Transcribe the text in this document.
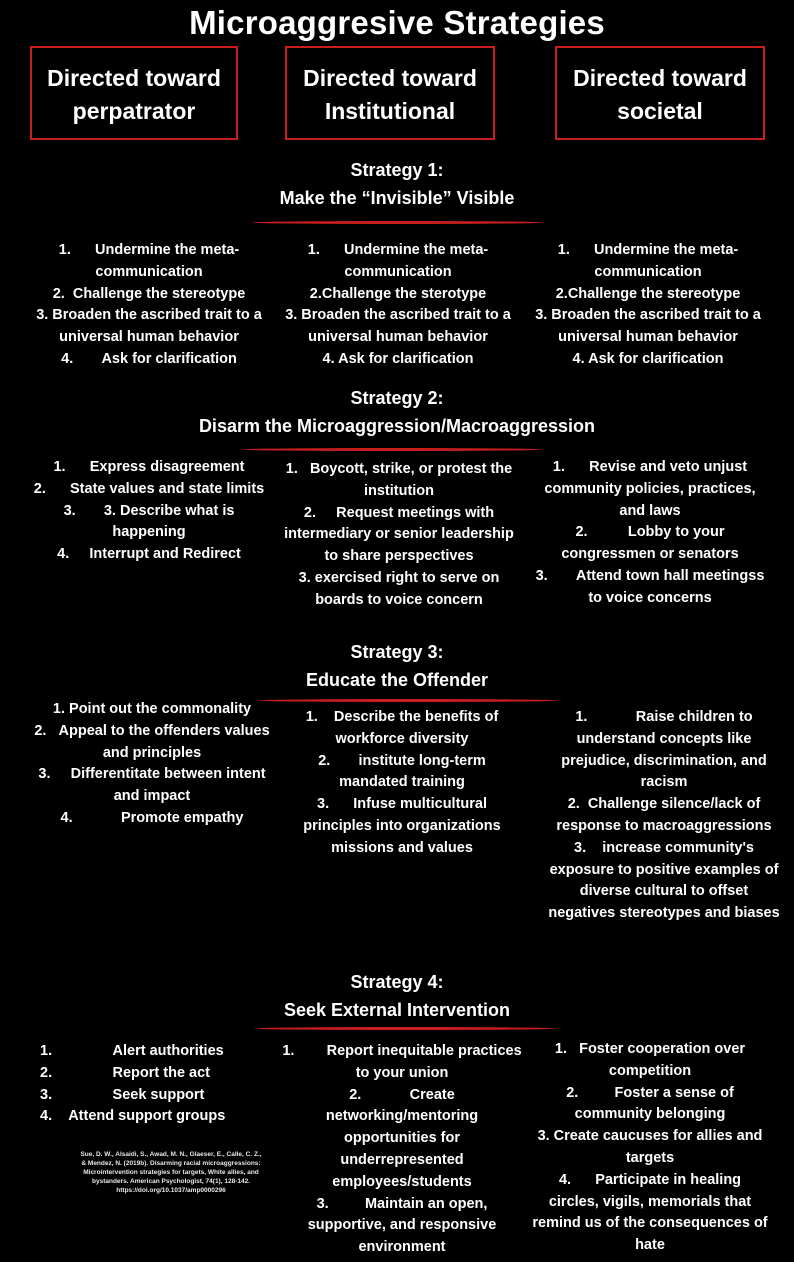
Microaggresive Strategies
Directed toward
perpatrator
Directed toward
Institutional
Directed toward
societal
Strategy 1:
Make the “Invisible” Visible
1.      Undermine the meta-communication
2.  Challenge the stereotype
3. Broaden the ascribed trait to a universal human behavior
4.       Ask for clarification
1.      Undermine the meta-communication
2.Challenge the sterotype
3. Broaden the ascribed trait to a universal human behavior
4. Ask for clarification
1.      Undermine the meta-communication
2.Challenge the stereotype
3. Broaden the ascribed trait to a universal human behavior
4. Ask for clarification
Strategy 2:
Disarm the Microaggression/Macroaggression
1.      Express disagreement
2.      State values and state limits
3.       3. Describe what is happening
4.     Interrupt and Redirect
1.   Boycott, strike, or protest the institution
2.     Request meetings with intermediary or senior leadership to share perspectives
3. exercised right to serve on boards to voice concern
1.      Revise and veto unjust community policies, practices, and laws
2.          Lobby to your congressmen or senators
3.       Attend town hall meetingss to voice concerns
Strategy 3:
Educate the Offender
1. Point out the commonality
2.   Appeal to the offenders values and principles
3.     Differentitate between intent and impact
4.            Promote empathy
1.    Describe the benefits of workforce diversity
2.       institute long-term mandated training
3.      Infuse multicultural principles into organizations missions and values
1.            Raise children to understand concepts like prejudice, discrimination, and racism
2.  Challenge silence/lack of response to macroaggressions
3.    increase community's exposure to positive examples of diverse cultural to offset negatives stereotypes and biases
Strategy 4:
Seek External Intervention
1.               Alert authorities
2.               Report the act
3.               Seek support
4.    Attend support groups
1.        Report inequitable practices to your union
2.            Create networking/mentoring opportunities for underrepresented employees/students
3.         Maintain an open, supportive, and responsive environment
1.   Foster cooperation over competition
2.         Foster a sense of community belonging
3. Create caucuses for allies and targets
4.      Participate in healing circles, vigils, memorials that remind us of the consequences of hate
Sue, D. W., Alsaidi, S., Awad, M. N., Glaeser, E., Calle, C. Z., & Mendez, N. (2019b). Disarming racial microaggressions: Microintervention strategies for targets, White allies, and bystanders. American Psychologist, 74(1), 128-142. https://doi.org/10.1037/amp0000296
